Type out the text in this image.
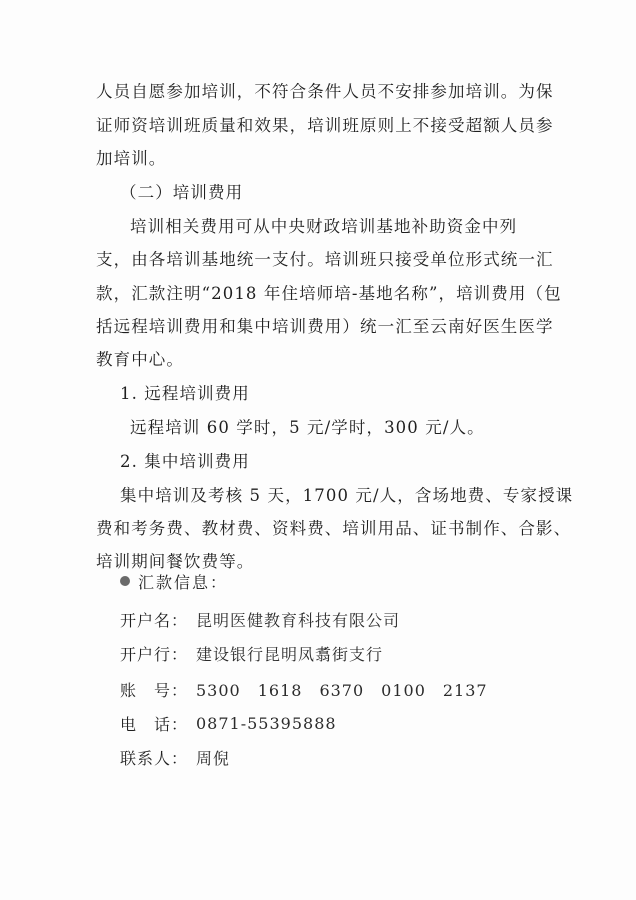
人员自愿参加培训，不符合条件人员不安排参加培训。为保
证师资培训班质量和效果，培训班原则上不接受超额人员参
加培训。
（二）培训费用
培训相关费用可从中央财政培训基地补助资金中列
支，由各培训基地统一支付。培训班只接受单位形式统一汇
款，汇款注明“2018 年住培师培-基地名称”，培训费用（包
括远程培训费用和集中培训费用）统一汇至云南好医生医学
教育中心。
1. 远程培训费用
远程培训 60 学时，5 元/学时，300 元/人。
2. 集中培训费用
集中培训及考核 5 天，1700 元/人，含场地费、专家授课
费和考务费、教材费、资料费、培训用品、证书制作、合影、
培训期间餐饮费等。
汇款信息：
开户名： 昆明医健教育科技有限公司
开户行： 建设银行昆明凤翥街支行
账　号： 5300　1618　6370　0100　2137
电　话： 0871-55395888
联系人： 周倪
